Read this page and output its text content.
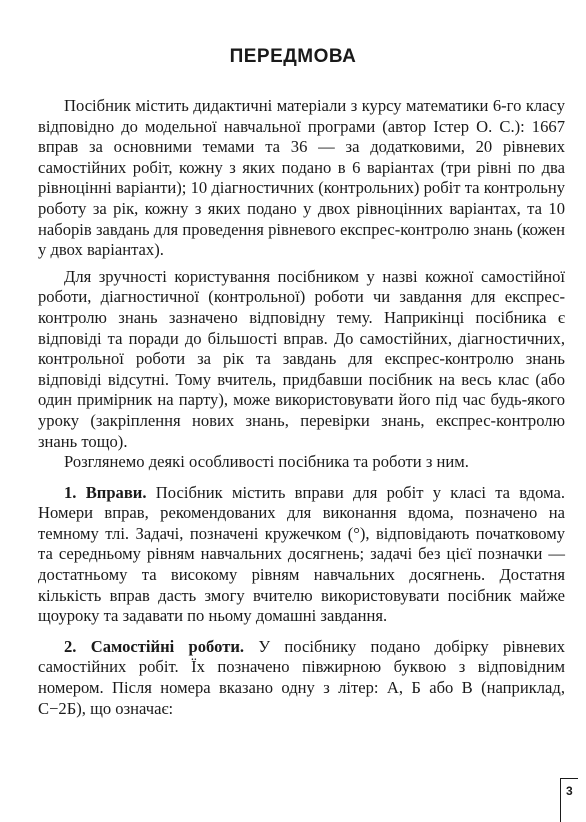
ПЕРЕДМОВА

Посібник містить дидактичні матеріали з курсу математики 6-го класу відповідно до модельної навчальної програми (автор Істер О. С.): 1667 вправ за основними темами та 36 — за додатковими, 20 рівневих самостійних робіт, кожну з яких подано в 6 варіантах (три рівні по два рівноцінні варіанти); 10 діагностичних (контрольних) робіт та контрольну роботу за рік, кожну з яких подано у двох рівноцінних варіантах, та 10 наборів завдань для проведення рівневого експрес-контролю знань (кожен у двох варіантах).

Для зручності користування посібником у назві кожної самостійної роботи, діагностичної (контрольної) роботи чи завдання для експрес-контролю знань зазначено відповідну тему. Наприкінці посібника є відповіді та поради до більшості вправ. До самостійних, діагностичних, контрольної роботи за рік та завдань для експрес-контролю знань відповіді відсутні. Тому вчитель, придбавши посібник на весь клас (або один примірник на парту), може використовувати його під час будь-якого уроку (закріплення нових знань, перевірки знань, експрес-контролю знань тощо).

Розглянемо деякі особливості посібника та роботи з ним.

1. Вправи. Посібник містить вправи для робіт у класі та вдома. Номери вправ, рекомендованих для виконання вдома, позначено на темному тлі. Задачі, позначені кружечком (°), відповідають початковому та середньому рівням навчальних досягнень; задачі без цієї позначки — достатньому та високому рівням навчальних досягнень. Достатня кількість вправ дасть змогу вчителю використовувати посібник майже щоуроку та задавати по ньому домашні завдання.

2. Самостійні роботи. У посібнику подано добірку рівневих самостійних робіт. Їх позначено півжирною буквою з відповідним номером. Після номера вказано одну з літер: А, Б або В (наприклад, С−2Б), що означає:

3
